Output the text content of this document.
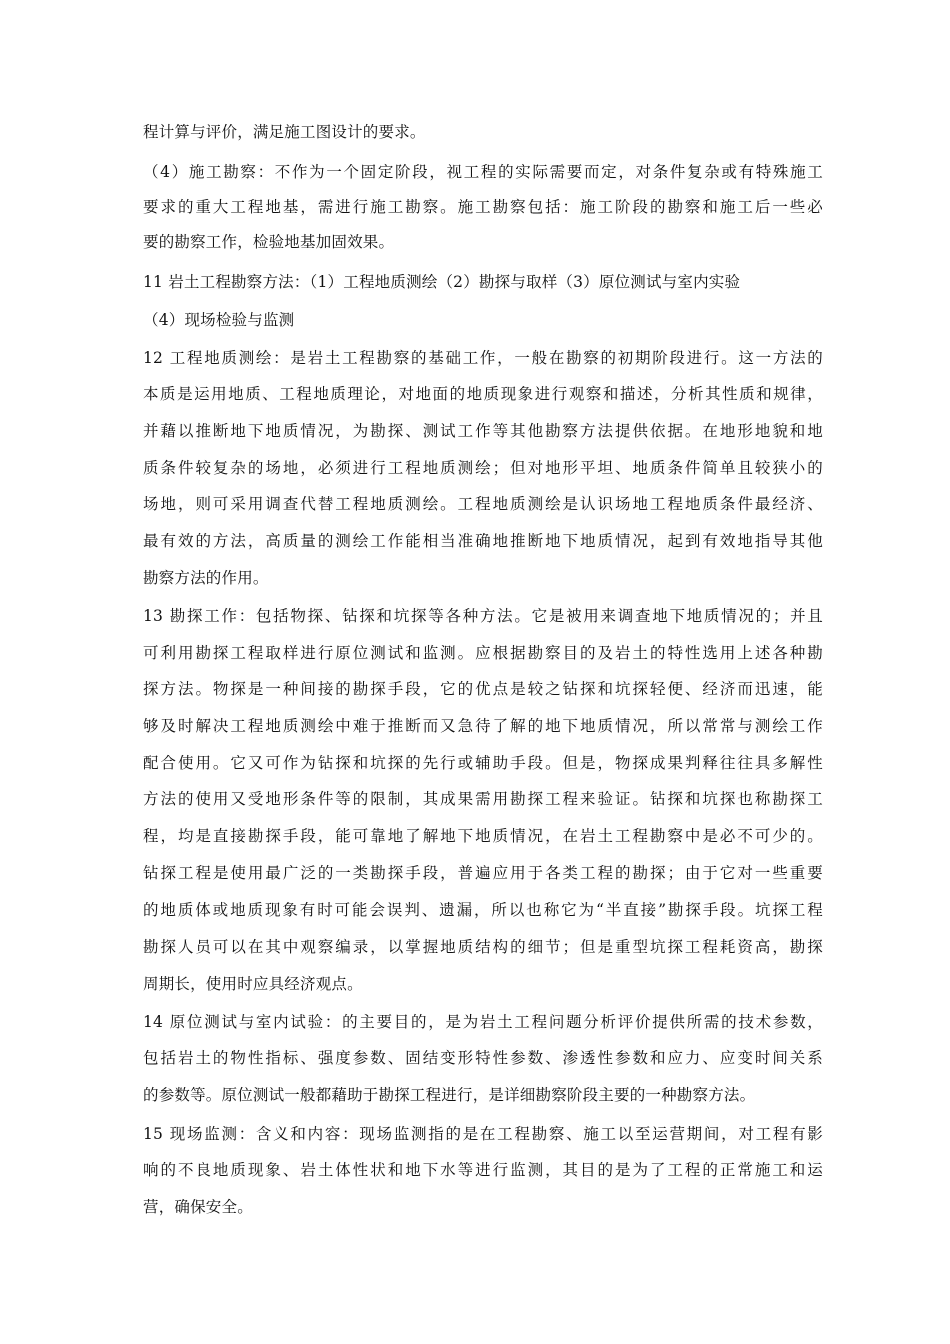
程计算与评价，满足施工图设计的要求。
（4）施工勘察：不作为一个固定阶段，视工程的实际需要而定，对条件复杂或有特殊施工
要求的重大工程地基，需进行施工勘察。施工勘察包括：施工阶段的勘察和施工后一些必
要的勘察工作，检验地基加固效果。
11 岩土工程勘察方法：（1）工程地质测绘（2）勘探与取样（3）原位测试与室内实验
（4）现场检验与监测
12 工程地质测绘：是岩土工程勘察的基础工作，一般在勘察的初期阶段进行。这一方法的
本质是运用地质、工程地质理论，对地面的地质现象进行观察和描述，分析其性质和规律，
并藉以推断地下地质情况，为勘探、测试工作等其他勘察方法提供依据。在地形地貌和地
质条件较复杂的场地，必须进行工程地质测绘；但对地形平坦、地质条件简单且较狭小的
场地，则可采用调查代替工程地质测绘。工程地质测绘是认识场地工程地质条件最经济、
最有效的方法，高质量的测绘工作能相当准确地推断地下地质情况，起到有效地指导其他
勘察方法的作用。
13 勘探工作：包括物探、钻探和坑探等各种方法。它是被用来调查地下地质情况的；并且
可利用勘探工程取样进行原位测试和监测。应根据勘察目的及岩土的特性选用上述各种勘
探方法。物探是一种间接的勘探手段，它的优点是较之钻探和坑探轻便、经济而迅速，能
够及时解决工程地质测绘中难于推断而又急待了解的地下地质情况，所以常常与测绘工作
配合使用。它又可作为钻探和坑探的先行或辅助手段。但是，物探成果判释往往具多解性
方法的使用又受地形条件等的限制，其成果需用勘探工程来验证。钻探和坑探也称勘探工
程，均是直接勘探手段，能可靠地了解地下地质情况，在岩土工程勘察中是必不可少的。
钻探工程是使用最广泛的一类勘探手段，普遍应用于各类工程的勘探；由于它对一些重要
的地质体或地质现象有时可能会误判、遗漏，所以也称它为“半直接”勘探手段。坑探工程
勘探人员可以在其中观察编录，以掌握地质结构的细节；但是重型坑探工程耗资高，勘探
周期长，使用时应具经济观点。
14 原位测试与室内试验：的主要目的，是为岩土工程问题分析评价提供所需的技术参数，
包括岩土的物性指标、强度参数、固结变形特性参数、渗透性参数和应力、应变时间关系
的参数等。原位测试一般都藉助于勘探工程进行，是详细勘察阶段主要的一种勘察方法。
15 现场监测：含义和内容：现场监测指的是在工程勘察、施工以至运营期间，对工程有影
响的不良地质现象、岩土体性状和地下水等进行监测，其目的是为了工程的正常施工和运
营，确保安全。
